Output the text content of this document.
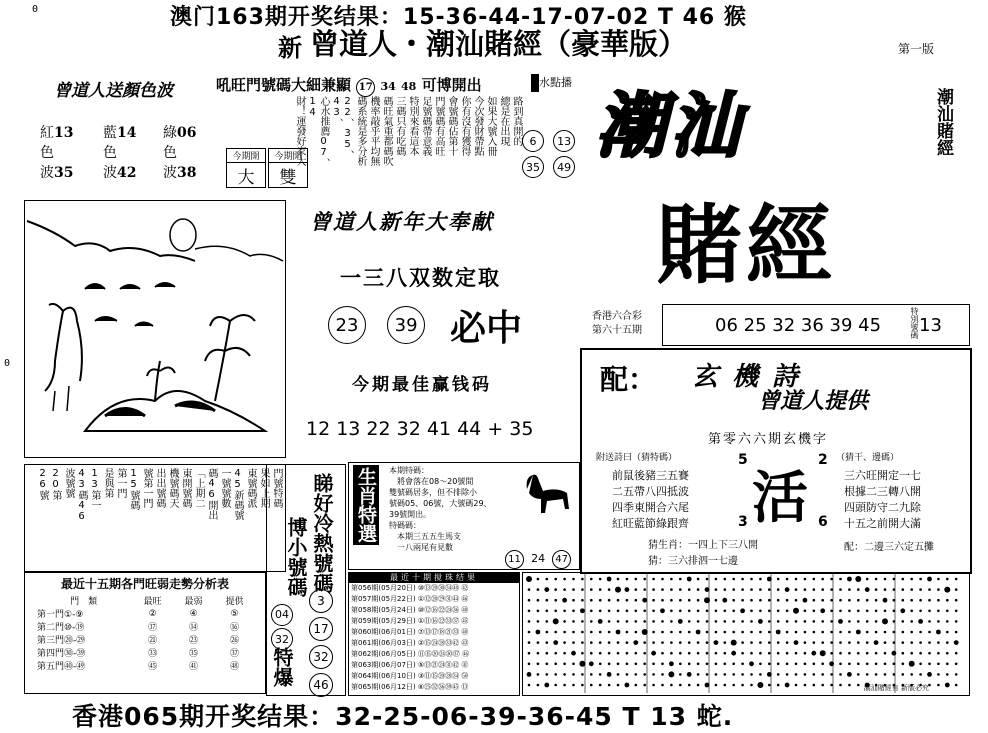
0
0
澳门163期开奖结果：15-36-44-17-07-02 T 46 猴
新 曾道人・潮汕賭經（豪華版）	第一版
曾道人送顏色波
紅13
色
波35
藍14
色
波42
綠06
色
波38
吼旺門號碼大細兼顯 17 34 48 可博開出	水點播
路到真開的
總是在出現
如果大號入冊
今次發財帶點
你有沒有獲得
會號碼佔第十
門號碼有高旺
足號碼帶意義
特別來看這本
三碼只有吃碼
碼旺氣重都碼吹
機率敲乎平均無
碼系統是多分析
22、35、43、
心水推薦07、14
財！運發好家大
今期開
大
今期開
雙
6 13 35 49 潮汕
賭經
潮汕賭經
曾道人新年大奉献
一三八双数定取
23 39 必中
今期最佳赢钱码
12 13 22 32 41 44 + 35
香港六合彩
第六十五期	06 25 32 36 39 45	特別號碼 13
配： 玄機詩
曾道人提供
第零六六期玄機字
附送詩曰（猜特碼）	（猜干、邊碼）
前鼠後豬三五賽
二五帶八四抵波
四季東開合六尾
紅旺藍節綠跟齊
三六旺開定一七
根據二三轉八開
四頭防守二九除
十五之前開大滿
5	2
3	6
活
猜生肖：一四上下三八開
猜：三六排泗一七邊
配：二邊三六定五攤
門號特碼
果如上期
東號碼派
45新碼號
一號號數
碼46開出
「上期二
東開號碼
機號碼天
出出號碼
號第一門
15號碼
第一門
是與第
13第一
43碼46
波號號
20第
26號	睇好冷熱號碼
博小號碼
特爆
04 32
3 17 32 46
生肖特選 本期特碼：
將會落在08～20號間
雙號碼居多，但不排除小
號碼05、06號，大號碼29、
39號開出。
特碼碼：
本期三五五生馬支
一八兩尾有見數
11 24 47
最近十五期各門旺弱走勢分析表
門　類	最旺	最弱	提供
第一門①-⑨	②	④	⑤
第二門⑩-⑲	⑰	⑭	⑯
第三門⑳-㉙	㉑	㉓	㉖
第四門㉚-㊴	㉝	㉟	㊲
第五門㊵-㊾	㊺	㊶	㊽
最近十期搅珠结果
第056期(05月20日) ⑩⑬⑳㉚㉞㊵ ㊷
第057期(05月22日) ①⑫⑳㉙㉛㊹ ㊻
第058期(05月24日) ⑩⑫⑯㉒㉔㊱ ㊵
第059期(05月29日) ①⑪⑯㉒㉝㊲ ㊺
第060期(06月01日) ⑦⑬⑰⑱㉑㉝ ㊵
第061期(06月03日) ②⑮㉔㉘㉝㊷ ㊸
第062期(06月05日) ⑪⑮⑳㉔㉚㊲ ㊻
第063期(06月07日) ⑤⑬㉑㉔㉛㊷ ㊶
第064期(06月10日) ③⑪⑮⑳㉘㉞ ㊿
第065期(06月12日) ⑥㉕㉜㊱㊴㊺ ⑬	潮汕賭經有 新版必究
香港065期开奖结果：32-25-06-39-36-45 T 13 蛇.
